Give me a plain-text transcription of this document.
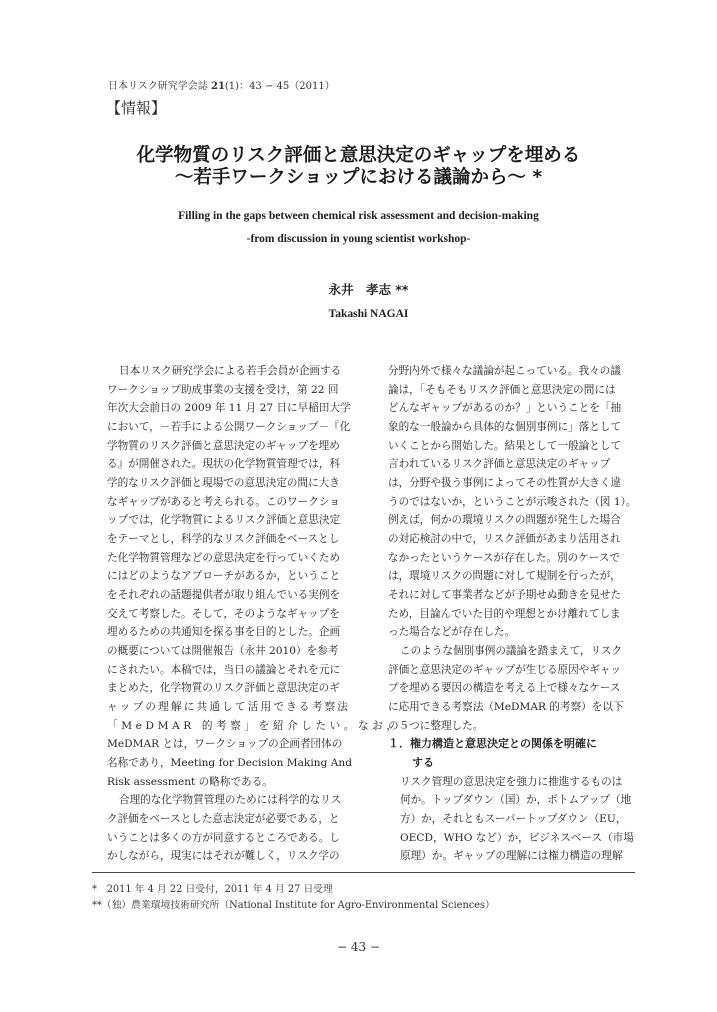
日本リスク研究学会誌 21(1)：43 − 45（2011）
【情報】
化学物質のリスク評価と意思決定のギャップを埋める
〜若手ワークショップにおける議論から〜 *
Filling in the gaps between chemical risk assessment and decision-making
-from discussion in young scientist workshop-
永井　孝志 **
Takashi NAGAI
日本リスク研究学会による若手会員が企画する
ワークショップ助成事業の支援を受け，第 22 回
年次大会前日の 2009 年 11 月 27 日に早稲田大学
において，－若手による公開ワークショップ－『化
学物質のリスク評価と意思決定のギャップを埋め
る』が開催された。現状の化学物質管理では，科
学的なリスク評価と現場での意思決定の間に大き
なギャップがあると考えられる。このワークショ
ップでは，化学物質によるリスク評価と意思決定
をテーマとし，科学的なリスク評価をベースとし
た化学物質管理などの意思決定を行っていくため
にはどのようなアプローチがあるか，ということ
をそれぞれの話題提供者が取り組んでいる実例を
交えて考察した。そして，そのようなギャップを
埋めるための共通知を探る事を目的とした。企画
の概要については開催報告（永井 2010）を参考
にされたい。本稿では，当日の議論とそれを元に
まとめた，化学物質のリスク評価と意思決定のギ
ャップの理解に共通して活用できる考察法
「MeDMAR 的考察」を紹介したい。なお，
MeDMAR とは，ワークショップの企画者団体の
名称であり，Meeting for Decision Making And
Risk assessment の略称である。
合理的な化学物質管理のためには科学的なリス
ク評価をベースとした意志決定が必要である，と
いうことは多くの方が同意するところである。し
かしながら，現実にはそれが難しく，リスク学の
分野内外で様々な議論が起こっている。我々の議
論は，「そもそもリスク評価と意思決定の間には
どんなギャップがあるのか？」ということを「抽
象的な一般論から具体的な個別事例に」落として
いくことから開始した。結果として一般論として
言われているリスク評価と意思決定のギャップ
は，分野や扱う事例によってその性質が大きく違
うのではないか，ということが示唆された（図 1）。
例えば，何かの環境リスクの問題が発生した場合
の対応検討の中で，リスク評価があまり活用され
なかったというケースが存在した。別のケースで
は，環境リスクの問題に対して規制を行ったが，
それに対して事業者などが予期せぬ動きを見せた
ため，目論んでいた目的や理想とかけ離れてしま
った場合などが存在した。
このような個別事例の議論を踏まえて，リスク
評価と意思決定のギャップが生じる原因やギャッ
プを埋める要因の構造を考える上で様々なケース
に応用できる考察法（MeDMAR 的考察）を以下
の５つに整理した。
１．権力構造と意思決定との関係を明確に
する
リスク管理の意思決定を強力に推進するものは
何か。トップダウン（国）か，ボトムアップ（地
方）か，それともスーパートップダウン（EU，
OECD，WHO など）か，ビジネスベース（市場
原理）か。ギャップの理解には権力構造の理解
*　2011 年 4 月 22 日受付，2011 年 4 月 27 日受理
**（独）農業環境技術研究所（National Institute for Agro-Environmental Sciences）
− 43 −
